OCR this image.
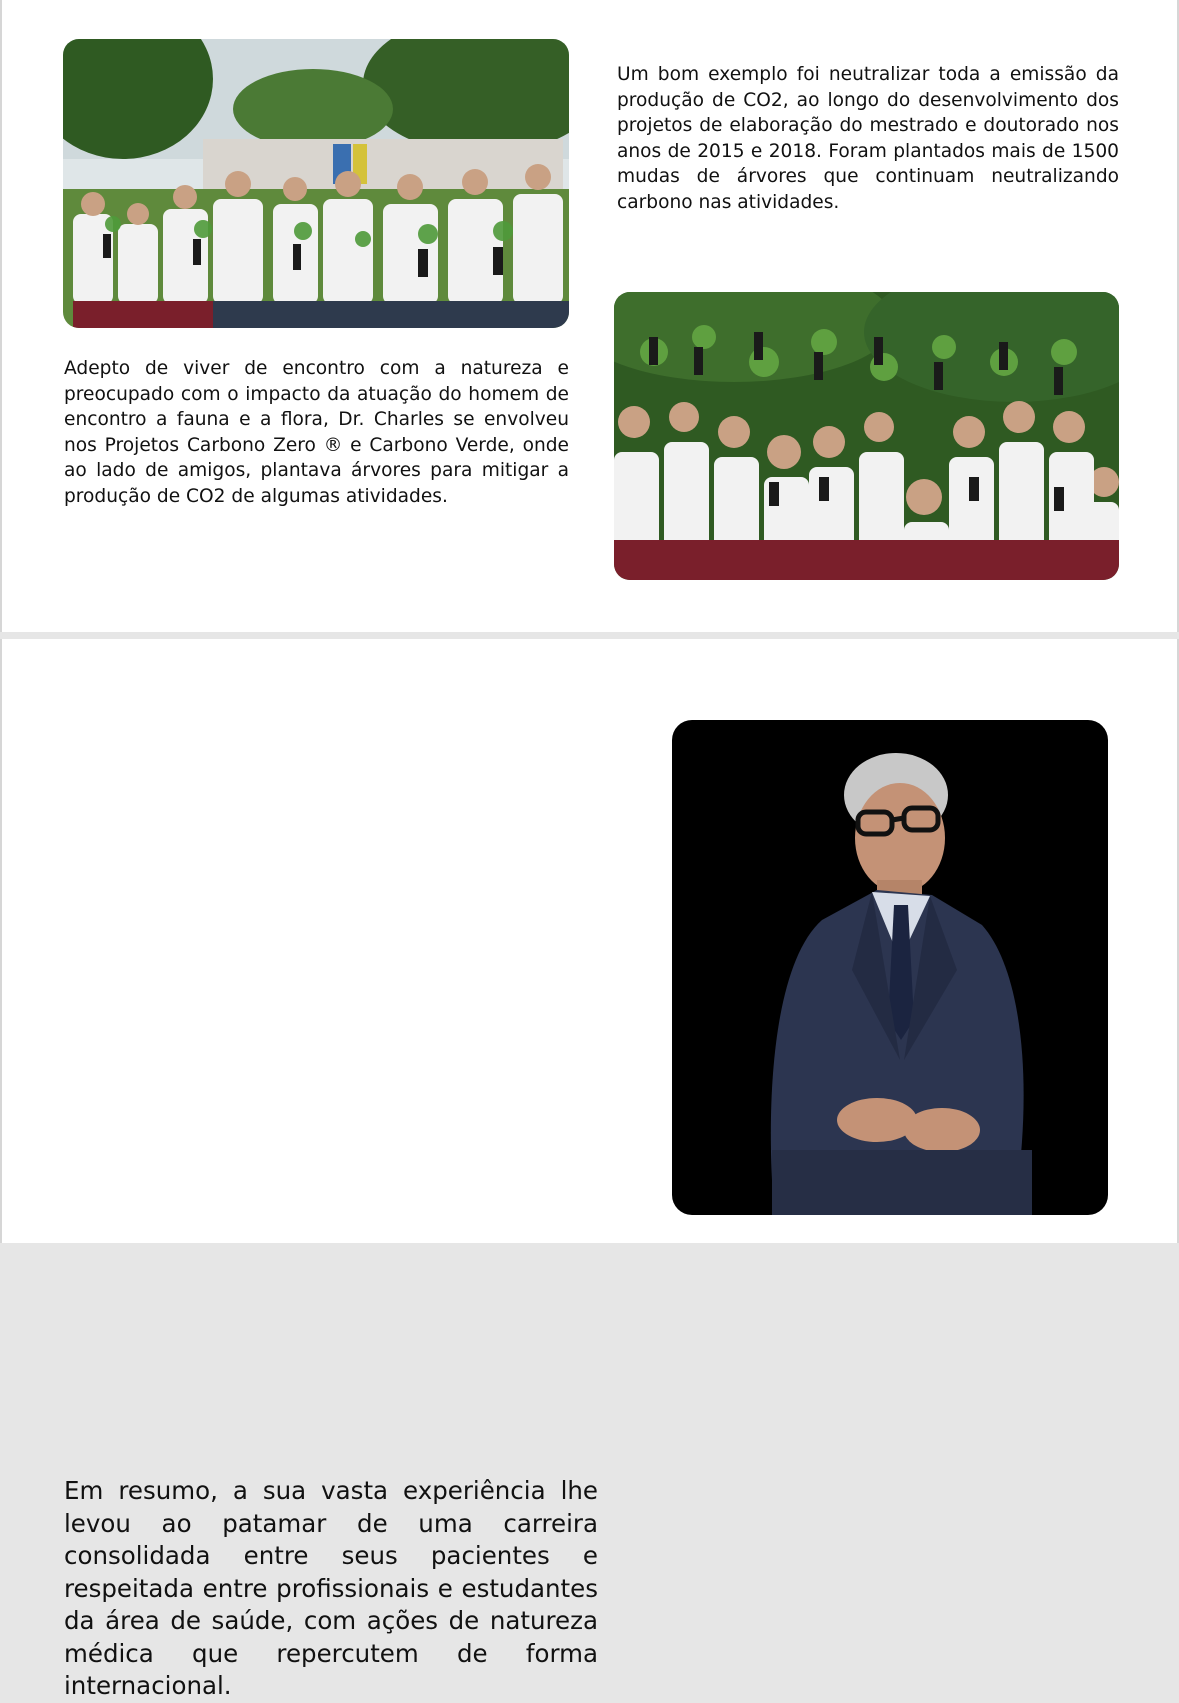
Um bom exemplo foi neutralizar toda a emissão da produção de CO2, ao longo do desenvolvimento dos projetos de elaboração do mestrado e doutorado nos anos de 2015 e 2018. Foram plantados mais de 1500 mudas de árvores que continuam neutralizando carbono nas atividades.

Adepto de viver de encontro com a natureza e preocupado com o impacto da atuação do homem de encontro a fauna e a flora, Dr. Charles se envolveu nos Projetos Carbono Zero ® e Carbono Verde, onde ao lado de amigos, plantava árvores para mitigar a produção de CO2 de algumas atividades.

Em resumo, a sua vasta experiência lhe levou ao patamar de uma carreira consolidada entre seus pacientes e respeitada entre profissionais e estudantes da área de saúde, com ações de natureza médica que repercutem de forma internacional.
